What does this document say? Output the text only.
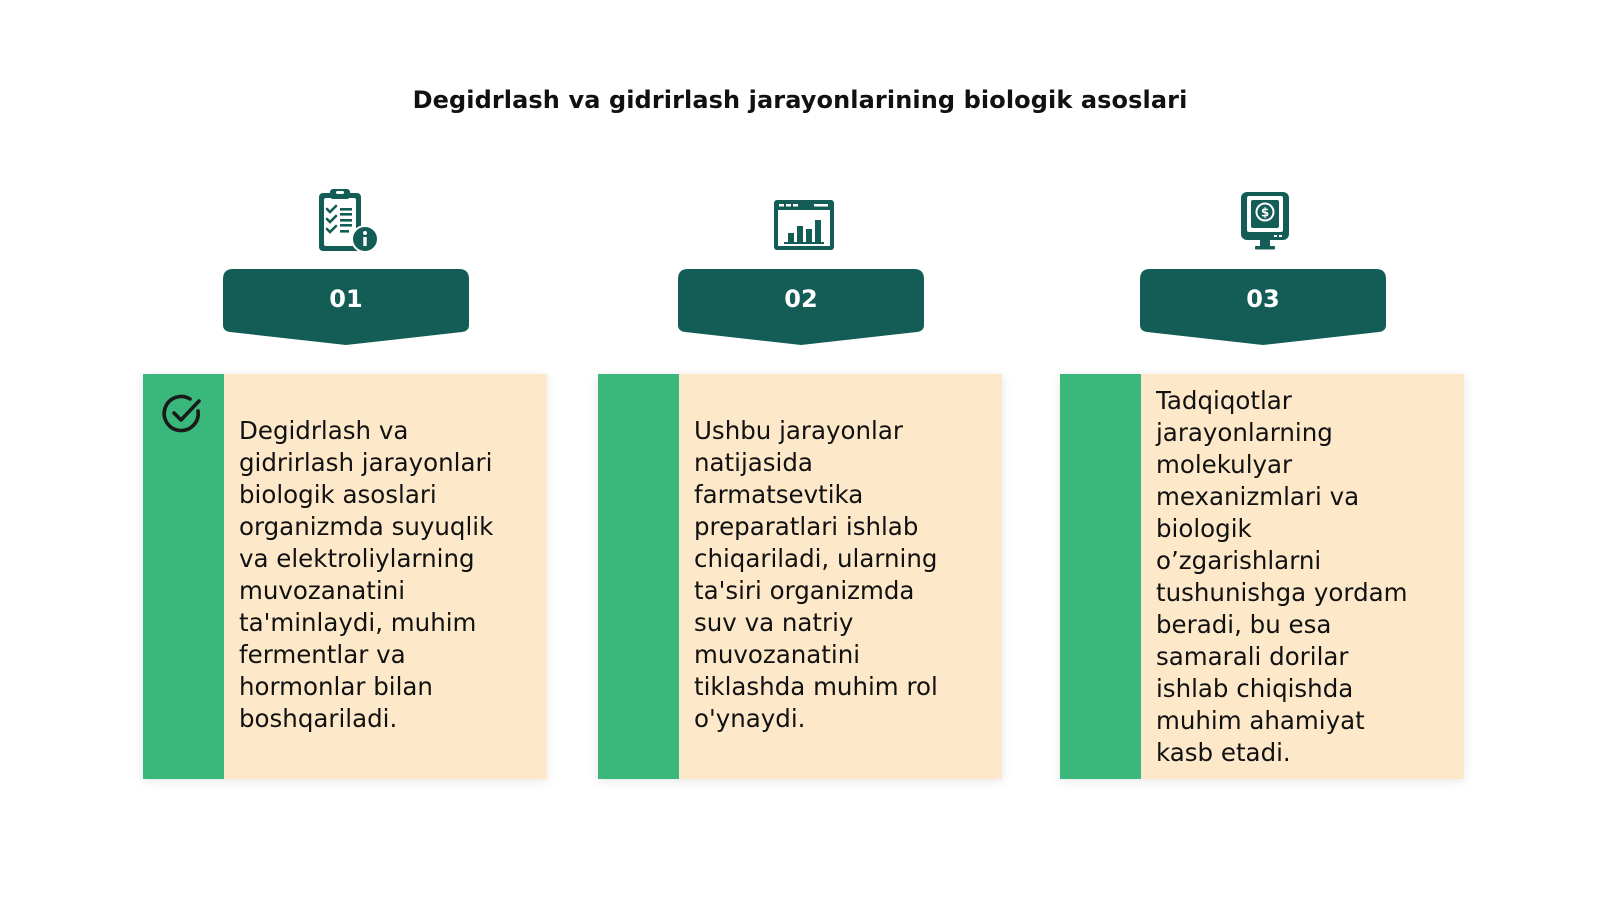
Degidrlash va gidrirlash jarayonlarining biologik asoslari
01
Degidrlash va
gidrirlash jarayonlari
biologik asoslari
organizmda suyuqlik
va elektroliylarning
muvozanatini
ta'minlaydi, muhim
fermentlar va
hormonlar bilan
boshqariladi.
02
Ushbu jarayonlar
natijasida
farmatsevtika
preparatlari ishlab
chiqariladi, ularning
ta'siri organizmda
suv va natriy
muvozanatini
tiklashda muhim rol
o'ynaydi.
$
03
Tadqiqotlar
jarayonlarning
molekulyar
mexanizmlari va
biologik
o’zgarishlarni
tushunishga yordam
beradi, bu esa
samarali dorilar
ishlab chiqishda
muhim ahamiyat
kasb etadi.
